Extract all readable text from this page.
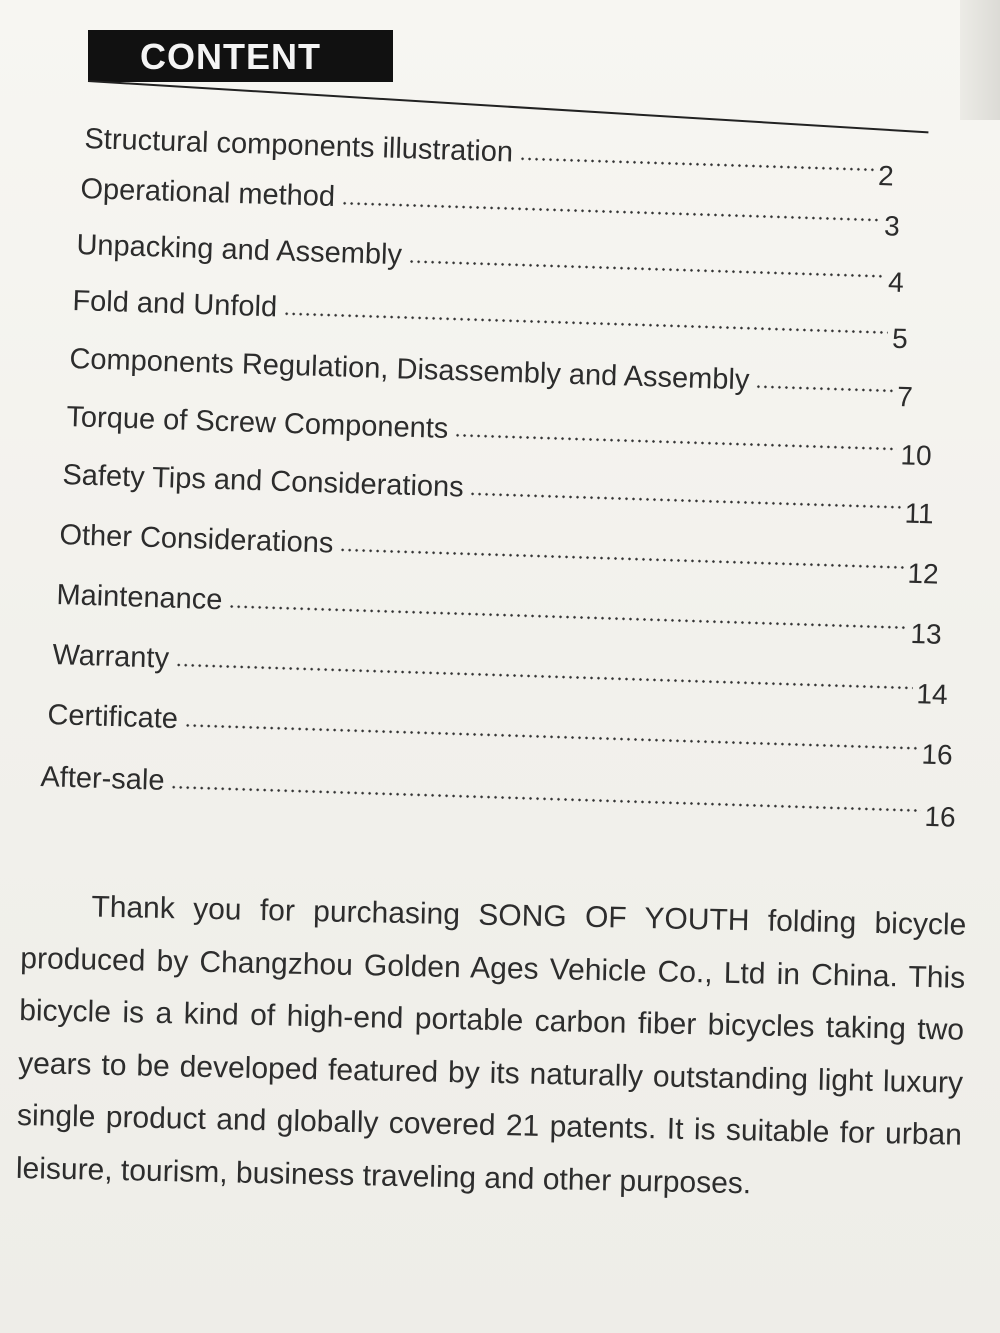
CONTENT
Structural components illustration
2
Operational method
3
Unpacking and Assembly
4
Fold and Unfold
5
Components Regulation, Disassembly and Assembly
7
Torque of Screw Components
10
Safety Tips and Considerations
11
Other Considerations
12
Maintenance
13
Warranty
14
Certificate
16
After-sale
16

Thank you for purchasing SONG OF YOUTH folding bicycle produced by Changzhou Golden Ages Vehicle Co., Ltd in China. This bicycle is a kind of high-end portable carbon fiber bicycles taking two years to be developed featured by its naturally outstanding light luxury single product and globally covered 21 patents. It is suitable for urban leisure, tourism, business traveling and other purposes.
